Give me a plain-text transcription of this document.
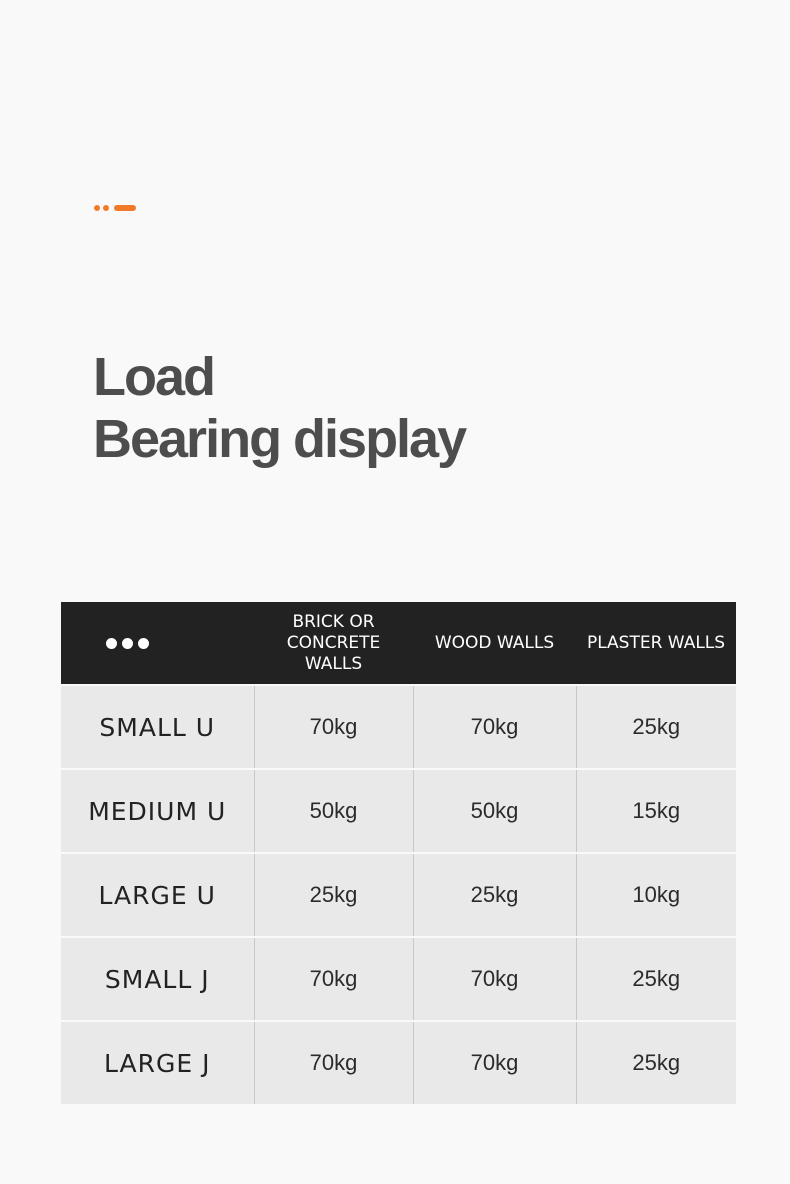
Load
Bearing display

	BRICK OR
CONCRETE
WALLS	WOOD WALLS	PLASTER WALLS

SMALL U	70kg	70kg	25kg
MEDIUM U	50kg	50kg	15kg
LARGE U	25kg	25kg	10kg
SMALL J	70kg	70kg	25kg
LARGE J	70kg	70kg	25kg
